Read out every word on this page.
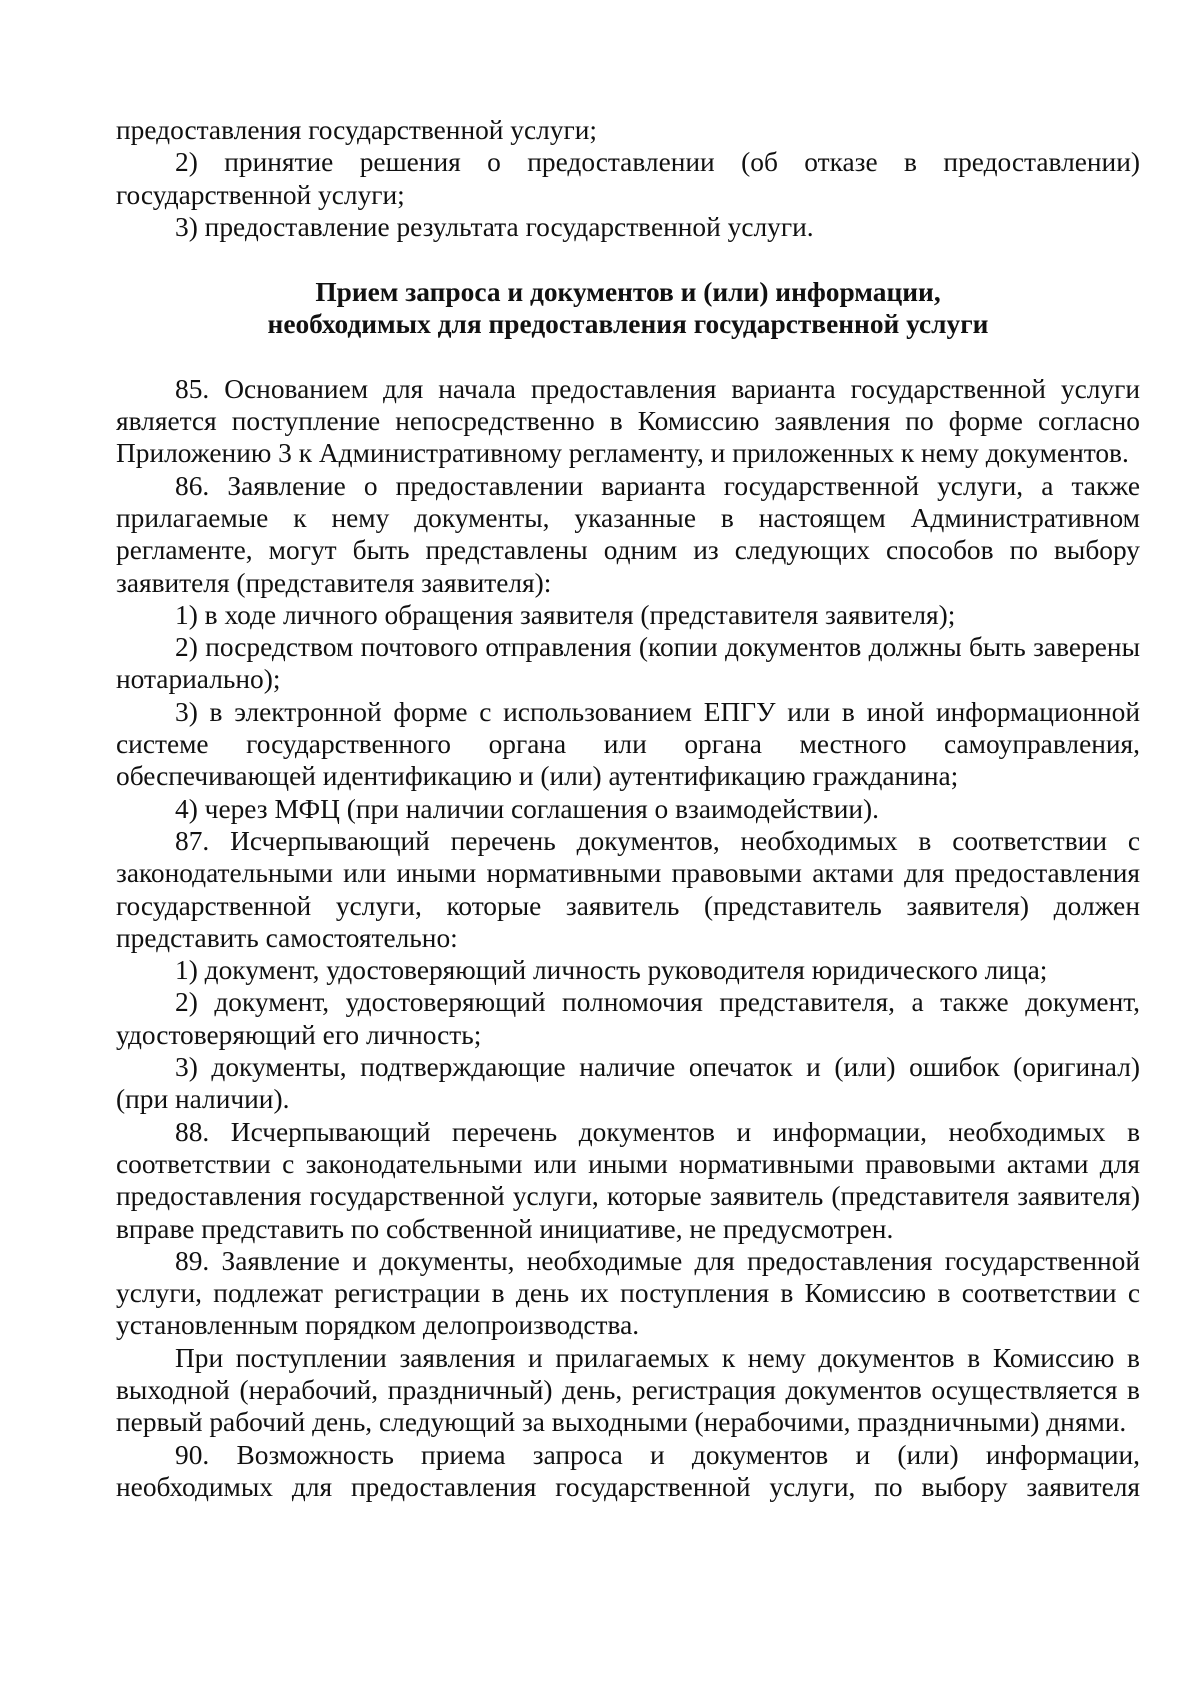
предоставления государственной услуги;

2) принятие решения о предоставлении (об отказе в предоставлении) государственной услуги;

3) предоставление результата государственной услуги.

Прием запроса и документов и (или) информации,
необходимых для предоставления государственной услуги

85. Основанием для начала предоставления варианта государственной услуги является поступление непосредственно в Комиссию заявления по форме согласно Приложению 3 к Административному регламенту, и приложенных к нему документов.

86. Заявление о предоставлении варианта государственной услуги, а также прилагаемые к нему документы, указанные в настоящем Административном регламенте, могут быть представлены одним из следующих способов по выбору заявителя (представителя заявителя):

1) в ходе личного обращения заявителя (представителя заявителя);

2) посредством почтового отправления (копии документов должны быть заверены нотариально);

3) в электронной форме с использованием ЕПГУ или в иной информационной системе государственного органа или органа местного самоуправления, обеспечивающей идентификацию и (или) аутентификацию гражданина;

4) через МФЦ (при наличии соглашения о взаимодействии).

87. Исчерпывающий перечень документов, необходимых в соответствии с законодательными или иными нормативными правовыми актами для предоставления государственной услуги, которые заявитель (представитель заявителя) должен представить самостоятельно:

1) документ, удостоверяющий личность руководителя юридического лица;

2) документ, удостоверяющий полномочия представителя, а также документ, удостоверяющий его личность;

3) документы, подтверждающие наличие опечаток и (или) ошибок (оригинал) (при наличии).

88. Исчерпывающий перечень документов и информации, необходимых в соответствии с законодательными или иными нормативными правовыми актами для предоставления государственной услуги, которые заявитель (представителя заявителя) вправе представить по собственной инициативе, не предусмотрен.

89. Заявление и документы, необходимые для предоставления государственной услуги, подлежат регистрации в день их поступления в Комиссию в соответствии с установленным порядком делопроизводства.

При поступлении заявления и прилагаемых к нему документов в Комиссию в выходной (нерабочий, праздничный) день, регистрация документов осуществляется в первый рабочий день, следующий за выходными (нерабочими, праздничными) днями.

90. Возможность приема запроса и документов и (или) информации, необходимых для предоставления государственной услуги, по выбору заявителя
